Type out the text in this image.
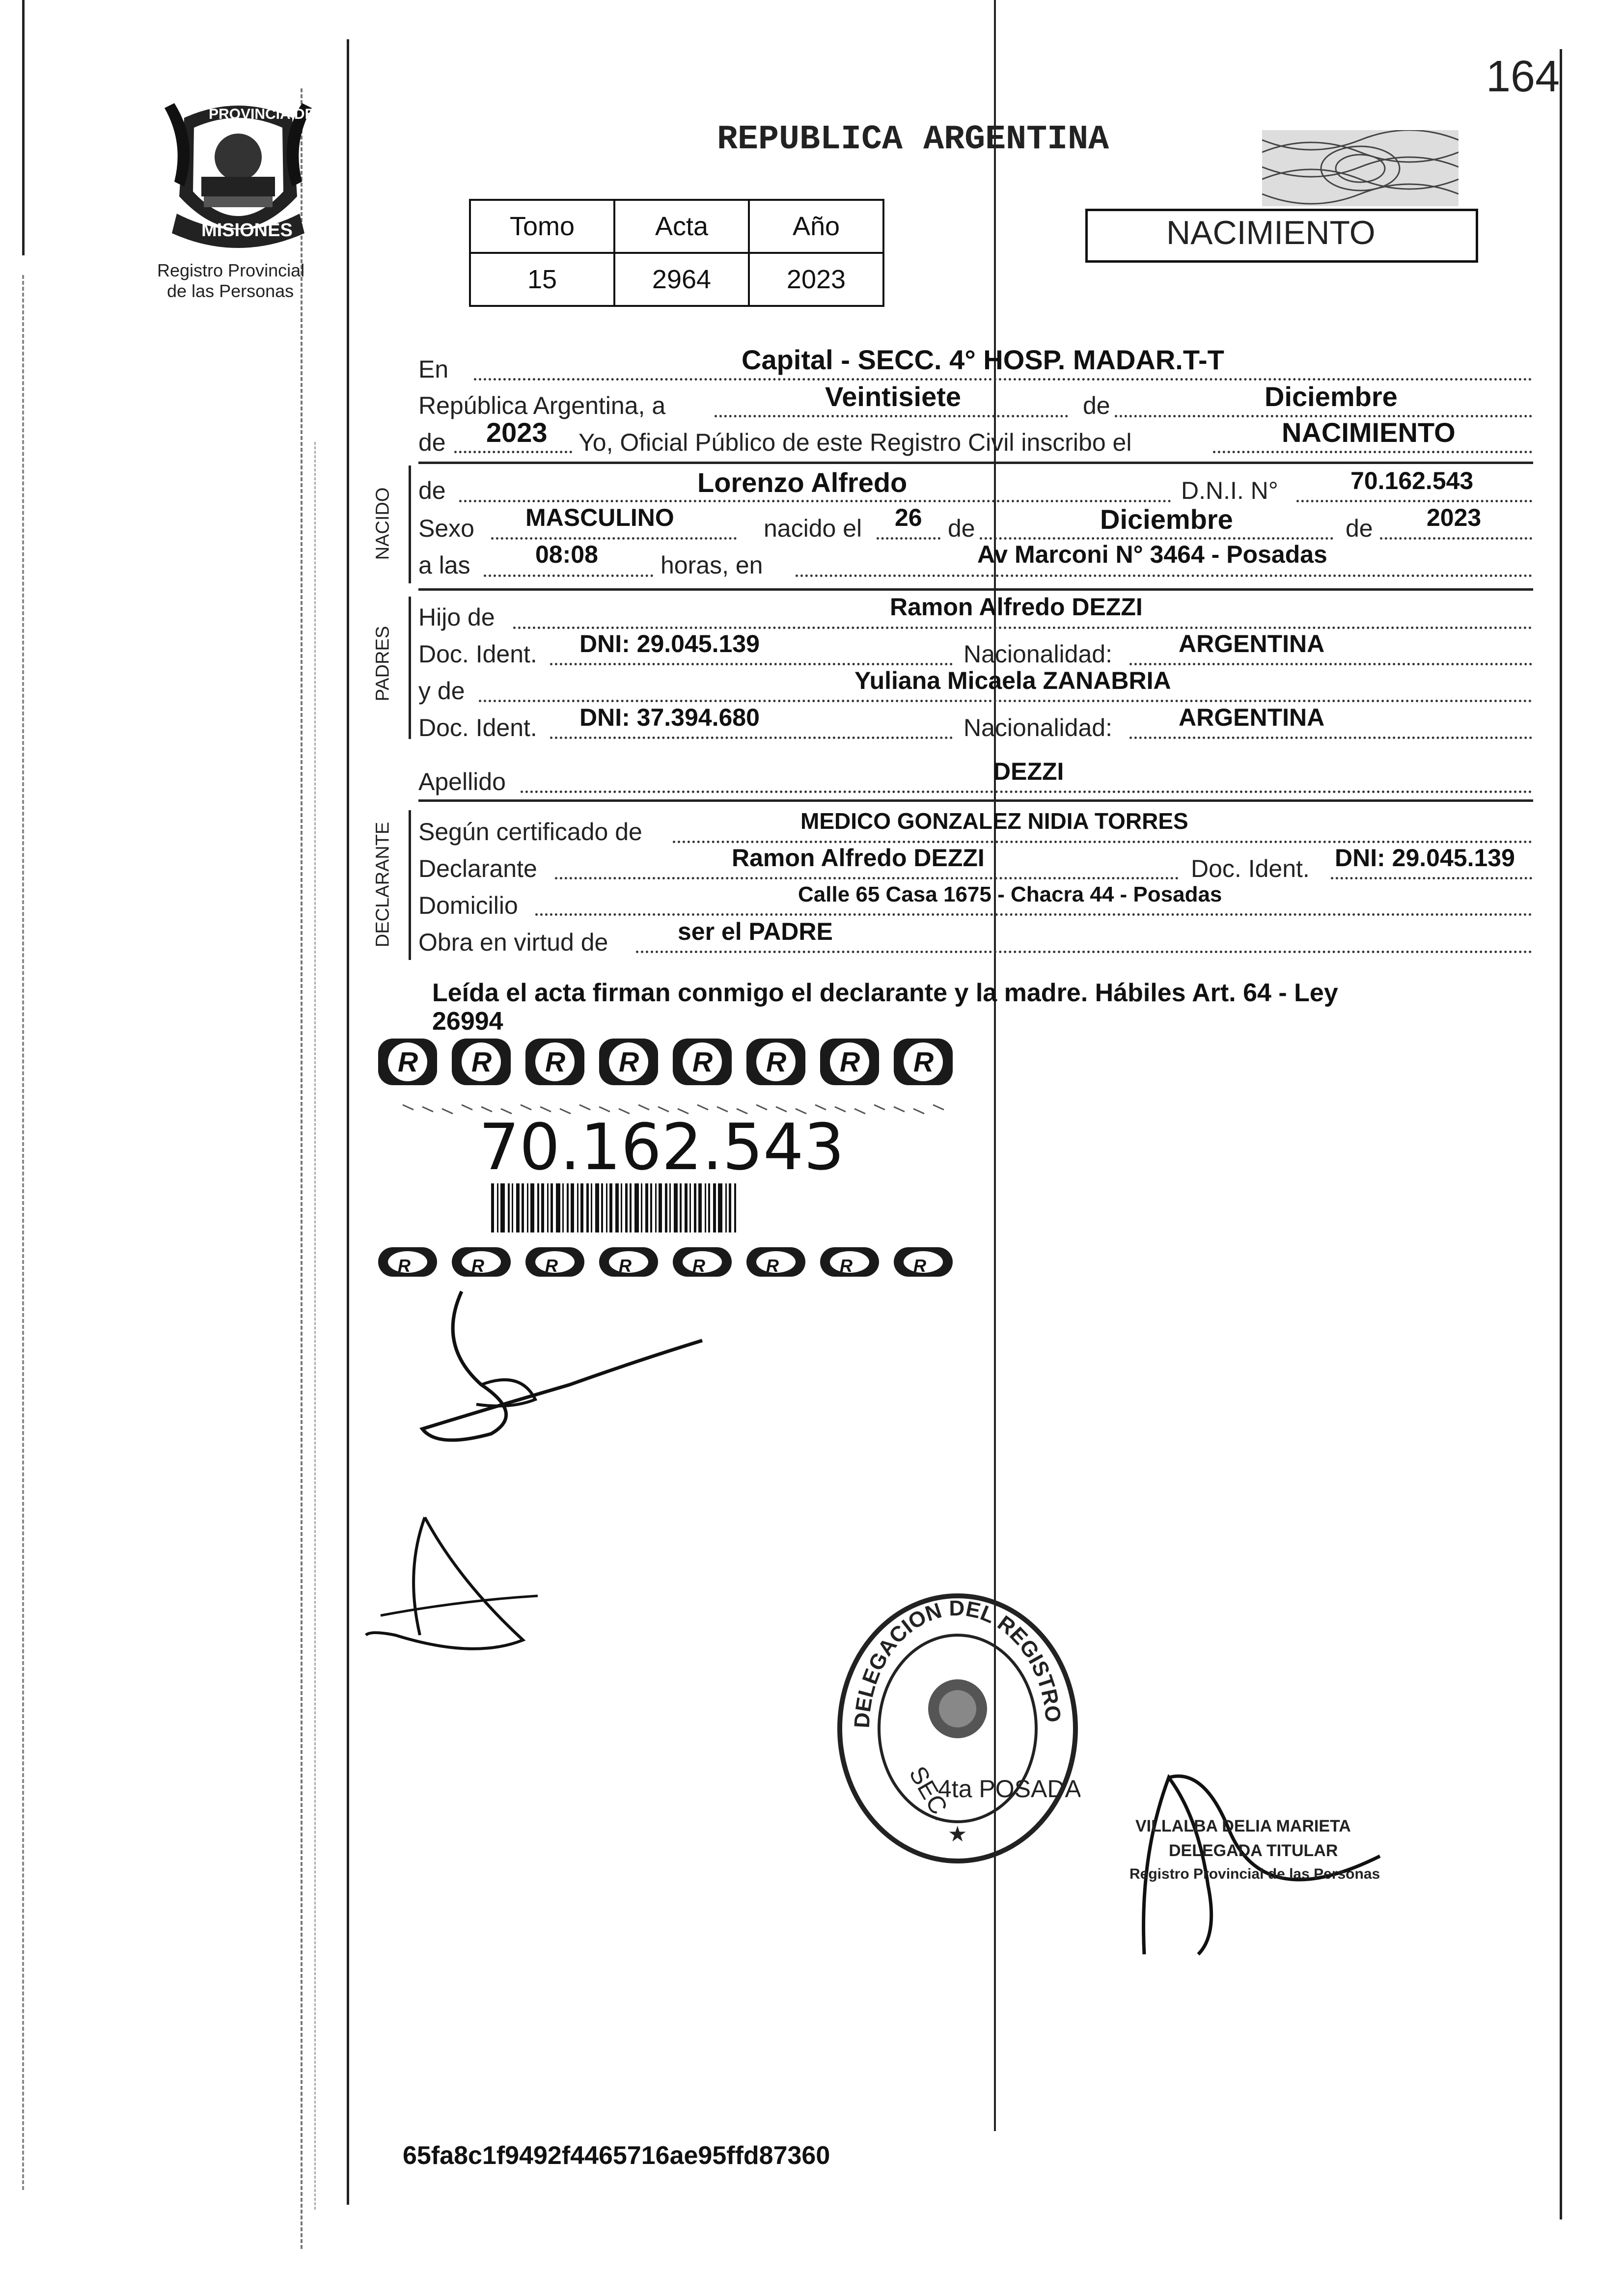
164
PROVINCIA DE
MISIONES
Registro Provincial
de las Personas
REPUBLICA ARGENTINA
Tomo	Acta	Año
15	2964	2023
NACIMIENTO
En	Capital - SECC. 4° HOSP. MADAR.T-T
República Argentina, a	Veintisiete	de	Diciembre
de 2023 Yo, Oficial Público de este Registro Civil inscribo el	NACIMIENTO
NACIDO de	Lorenzo Alfredo	D.N.I. N°	70.162.543
Sexo MASCULINO	nacido el 26 de	Diciembre	de 2023
a las	08:08	horas, en	Av Marconi N° 3464 - Posadas
PADRES
Hijo de	Ramon Alfredo DEZZI
Doc. Ident. DNI: 29.045.139	Nacionalidad:	ARGENTINA
y de	Yuliana Micaela ZANABRIA
Doc. Ident. DNI: 37.394.680	Nacionalidad:	ARGENTINA
Apellido	DEZZI
DECLARANTE Según certificado de	MEDICO GONZALEZ NIDIA TORRES
Declarante	Ramon Alfredo DEZZI	Doc. Ident. DNI: 29.045.139
Domicilio	Calle 65 Casa 1675 - Chacra 44 - Posadas
Obra en virtud de	ser el PADRE
Leída el acta firman conmigo el declarante y la madre. Hábiles Art. 64 - Ley
26994
R R R R R R R R
R	R	R	R	R	R	R	R
70.162.543
DELEGACION DEL REGISTRO
SEC.
4ta POSADA
★	VILLALBA DELIA MARIETA
DELEGADA TITULAR
Registro Provincial de las Personas
65fa8c1f9492f4465716ae95ffd87360
